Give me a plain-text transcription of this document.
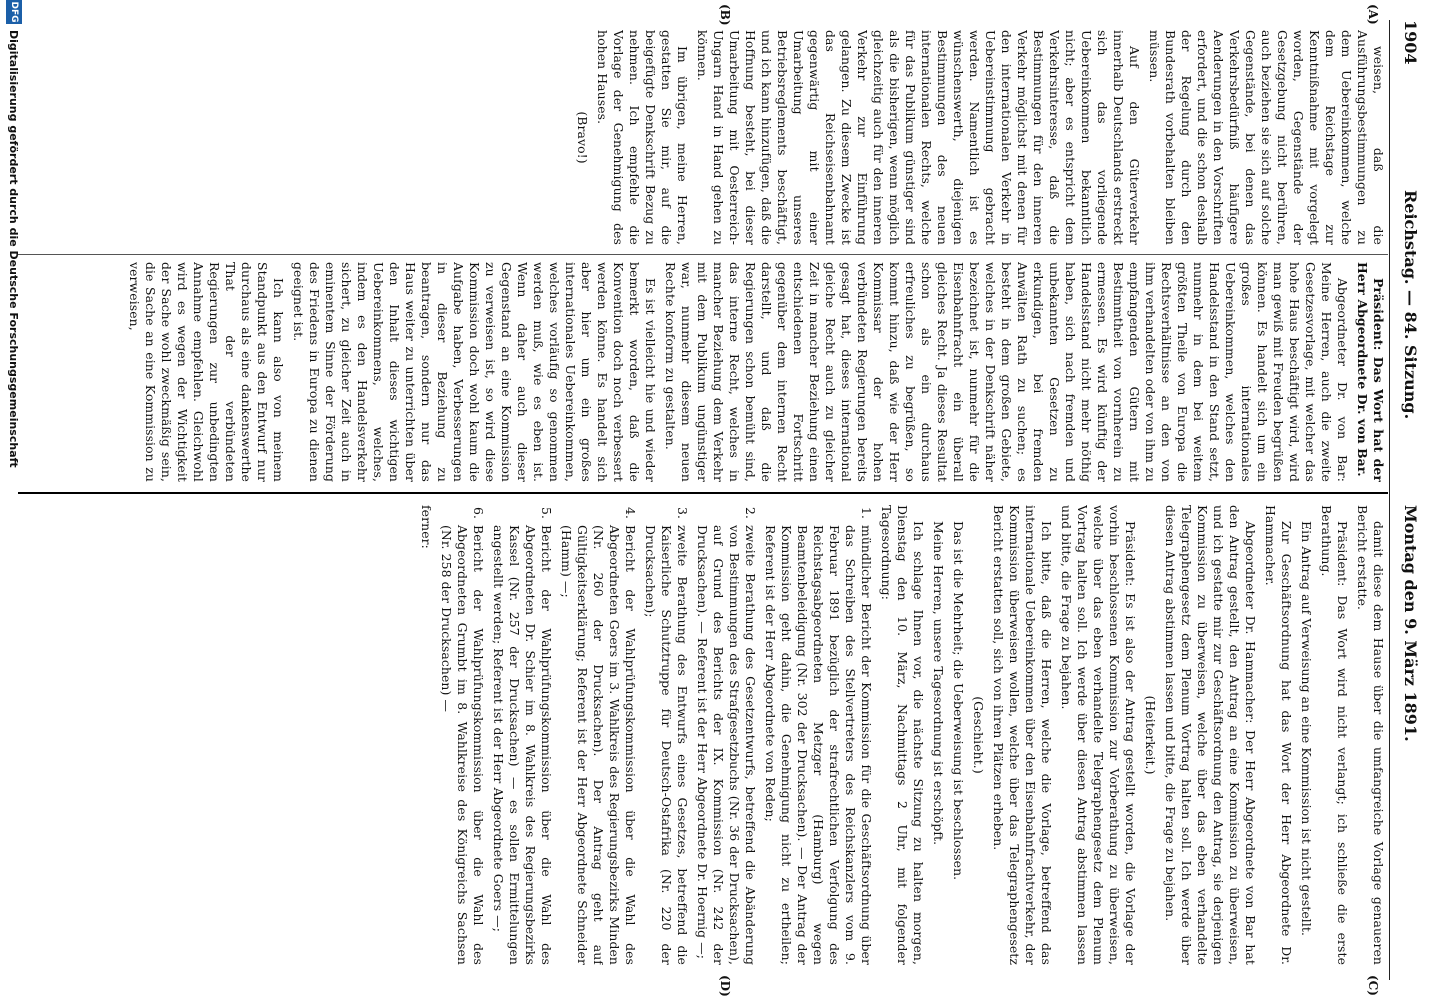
1904
Reichstag. — 84. Sitzung.
Montag den 9. März 1891.

weisen, daß die Ausführungsbestimmungen zu dem Uebereinkommen, welche dem Reichstage zur Kenntnißnahme mit vorgelegt worden, Gegenstände der Gesetzgebung nicht berühren, auch beziehen sie sich auf solche Gegenstände, bei denen das Verkehrsbedürfniß häufigere Aenderungen in den Vorschriften erfordert, und die schon deshalb der Regelung durch den Bundesrath vorbehalten bleiben müssen.

Auf den Güterverkehr innerhalb Deutschlands erstreckt sich das vorliegende Uebereinkommen bekanntlich nicht; aber es entspricht dem Verkehrsinteresse, daß die Bestimmungen für den inneren Verkehr möglichst mit denen für den internationalen Verkehr in Uebereinstimmung gebracht werden. Namentlich ist es wünschenswerth, diejenigen Bestimmungen des neuen internationalen Rechts, welche für das Publikum günstiger sind als die bisherigen, wenn möglich gleichzeitig auch für den inneren Verkehr zur Einführung gelangen. Zu diesem Zwecke ist das Reichseisenbahnamt gegenwärtig mit einer Umarbeitung unseres Betriebsreglements beschäftigt, und ich kann hinzufügen, daß die Hoffnung besteht, bei dieser Umarbeitung mit Oesterreich-Ungarn Hand in Hand gehen zu können.

Im übrigen, meine Herren, gestatten Sie mir, auf die beigefügte Denkschrift Bezug zu nehmen. Ich empfehle die Vorlage der Genehmigung des hohen Hauses.

(Bravo!)

Präsident: Das Wort hat der Herr Abgeordnete Dr. von Bar.

Abgeordneter Dr. von Bar: Meine Herren, auch die zweite Gesetzesvorlage, mit welcher das hohe Haus beschäftigt wird, wird man gewiß mit Freuden begrüßen können. Es handelt sich um ein großes internationales Uebereinkommen, welches den Handelsstand in den Stand setzt, nunmehr in dem bei weitem größten Theile von Europa die Rechtsverhältnisse an den von ihm verhandelten oder von ihm zu empfangenden Gütern mit Bestimmtheit von vornherein zu ermessen. Es wird künftig der Handelsstand nicht mehr nöthig haben, sich nach fremden und unbekannten Gesetzen zu erkundigen, bei fremden Anwälten Rath zu suchen; es besteht in dem großen Gebiete, welches in der Denkschrift näher bezeichnet ist, nunmehr für die Eisenbahnfracht ein überall gleiches Recht. Ja dieses Resultat schon als ein durchaus erfreuliches zu begrüßen, so kommt hinzu, daß wie der Herr Kommissar der hohen verbündeten Regierungen bereits gesagt hat, dieses international gleiche Recht auch zu gleicher Zeit in mancher Beziehung einen entschiedenen Fortschritt gegenüber dem internen Recht darstellt, und daß die Regierungen schon bemüht sind, das interne Recht, welches in mancher Beziehung dem Verkehr mit dem Publikum ungünstiger war, nunmehr diesem neuen Rechte konform zu gestalten.

Es ist vielleicht hie und wieder bemerkt worden, daß die Konvention doch noch verbessert werden könne. Es handelt sich aber hier um ein großes internationales Uebereinkommen, welches vorläufig so genommen werden muß, wie es eben ist. Wenn daher auch dieser Gegenstand an eine Kommission zu verweisen ist, so wird diese Kommission doch wohl kaum die Aufgabe haben, Verbesserungen in dieser Beziehung zu beantragen, sondern nur das Haus weiter zu unterrichten über den Inhalt dieses wichtigen Uebereinkommens, welches, indem es den Handelsverkehr sichert, zu gleicher Zeit auch in eminentem Sinne der Förderung des Friedens in Europa zu dienen geeignet ist.

Ich kann also von meinem Standpunkt aus den Entwurf nur durchaus als eine dankenswerthe That der verbündeten Regierungen zur unbedingten Annahme empfehlen. Gleichwohl wird es wegen der Wichtigkeit der Sache wohl zweckmäßig sein, die Sache an eine Kommission zu verweisen,

damit diese dem Hause über die umfangreiche Vorlage genaueren Bericht erstatte.

Präsident: Das Wort wird nicht verlangt; ich schließe die erste Berathung.

Ein Antrag auf Verweisung an eine Kommission ist nicht gestellt.

Zur Geschäftsordnung hat das Wort der Herr Abgeordnete Dr. Hammacher.

Abgeordneter Dr. Hammacher: Der Herr Abgeordnete von Bar hat den Antrag gestellt, den Antrag an eine Kommission zu überweisen, und ich gestatte mir zur Geschäftsordnung den Antrag, sie derjenigen Kommission zu überweisen, welche über das eben verhandelte Telegraphengesetz dem Plenum Vortrag halten soll. Ich werde über diesen Antrag abstimmen lassen und bitte, die Frage zu bejahen.

(Heiterkeit.)

Präsident: Es ist also der Antrag gestellt worden, die Vorlage der vorhin beschlossenen Kommission zur Vorberathung zu überweisen, welche über das eben verhandelte Telegraphengesetz dem Plenum Vortrag halten soll. Ich werde über diesen Antrag abstimmen lassen und bitte, die Frage zu bejahen.

Ich bitte, daß die Herren, welche die Vorlage, betreffend das internationale Uebereinkommen über den Eisenbahnfrachtverkehr, der Kommission überweisen wollen, welche über das Telegraphengesetz Bericht erstatten soll, sich von ihren Plätzen erheben.

(Geschieht.)

Das ist die Mehrheit; die Ueberweisung ist beschlossen.

Meine Herren, unsere Tagesordnung ist erschöpft.

Ich schlage Ihnen vor, die nächste Sitzung zu halten morgen, Dienstag den 10. März, Nachmittags 2 Uhr, mit folgender Tagesordnung:

1.
mündlicher Bericht der Kommission für die Geschäftsordnung über das Schreiben des Stellvertreters des Reichskanzlers vom 9. Februar 1891 bezüglich der strafrechtlichen Verfolgung des Reichstagsabgeordneten Metzger (Hamburg) wegen Beamtenbeleidigung (Nr. 302 der Drucksachen). — Der Antrag der Kommission geht dahin, die Genehmigung nicht zu ertheilen; Referent ist der Herr Abgeordnete von Reden;

2.
zweite Berathung des Gesetzentwurfs, betreffend die Abänderung von Bestimmungen des Strafgesetzbuchs (Nr. 36 der Drucksachen), auf Grund des Berichts der IX. Kommission (Nr. 242 der Drucksachen). — Referent ist der Herr Abgeordnete Dr. Hoernig —;

3.
zweite Berathung des Entwurfs eines Gesetzes, betreffend die Kaiserliche Schutztruppe für Deutsch-Ostafrika (Nr. 220 der Drucksachen);

4.
Bericht der Wahlprüfungskommission über die Wahl des Abgeordneten Goers im 3. Wahlkreis des Regierungsbezirks Minden (Nr. 260 der Drucksachen). Der Antrag geht auf Gültigkeitserklärung; Referent ist der Herr Abgeordnete Schneider (Hamm) —;

5.
Bericht der Wahlprüfungskommission über die Wahl des Abgeordneten Dr. Schier im 8. Wahlkreis des Regierungsbezirks Kassel (Nr. 257 der Drucksachen) — es sollen Ermittelungen angestellt werden; Referent ist der Herr Abgeordnete Goers —;

6.
Bericht der Wahlprüfungskommission über die Wahl des Abgeordneten Grumbt im 8. Wahlkreise des Königreichs Sachsen (Nr. 258 der Drucksachen) —

ferner:

(A)
(B)
(C)
(D)
DFG
Digitalisierung gefördert durch die Deutsche Forschungsgemeinschaft
